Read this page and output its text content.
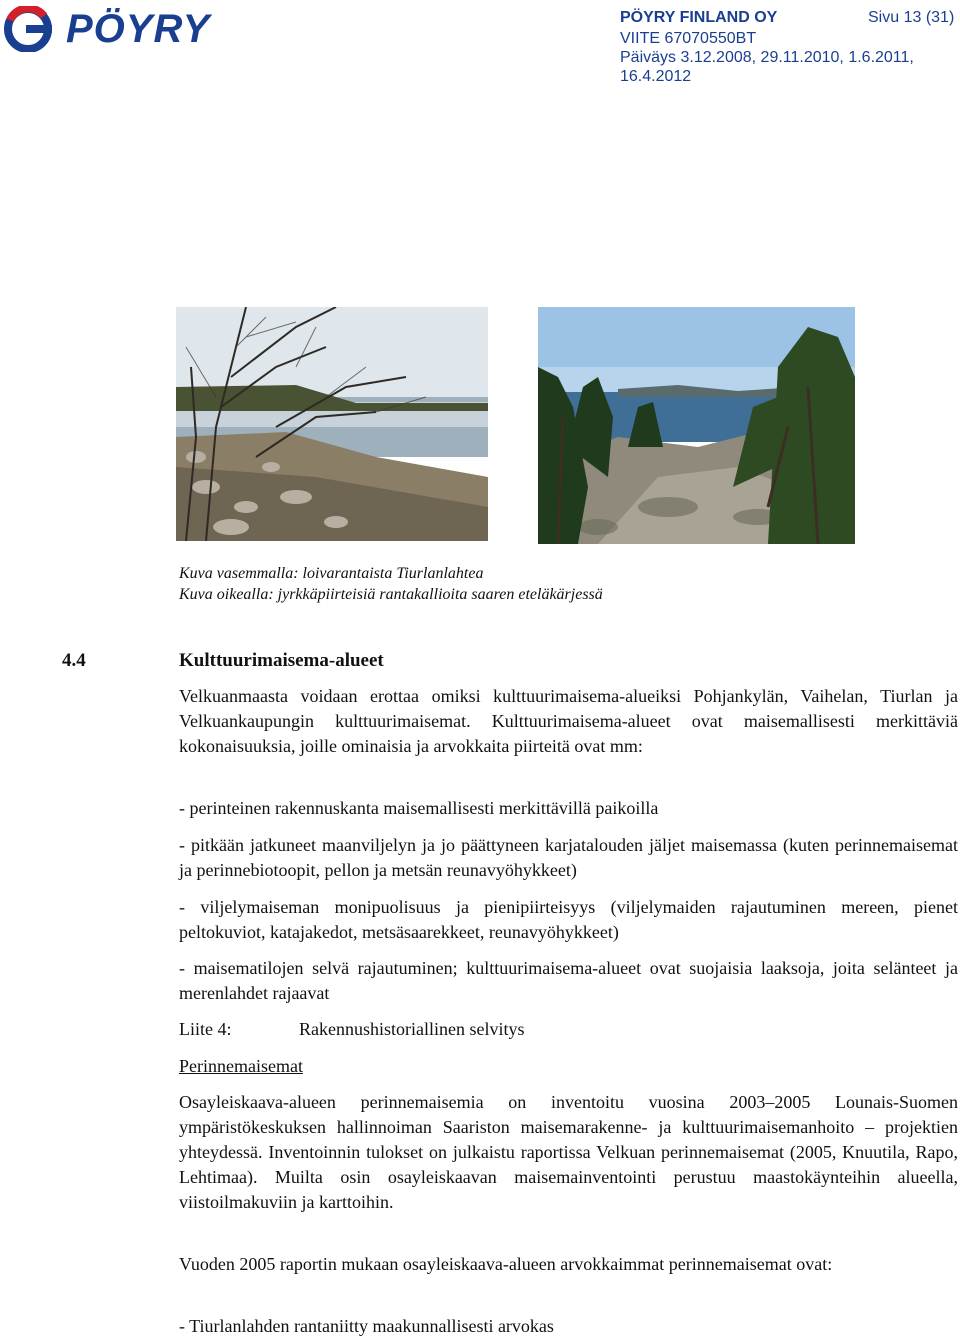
PÖYRY	PÖYRY FINLAND OY	Sivu 13 (31)
VIITE 67070550BT
Päiväys 3.12.2008, 29.11.2010, 1.6.2011,
16.4.2012
Kuva vasemmalla: loivarantaista Tiurlanlahtea
Kuva oikealla: jyrkkäpiirteisiä rantakallioita saaren eteläkärjessä
4.4	Kulttuurimaisema-alueet
Velkuanmaasta voidaan erottaa omiksi kulttuurimaisema-alueiksi Pohjankylän, Vaihelan, Tiurlan ja Velkuankaupungin kulttuurimaisemat. Kulttuurimaisema-alueet ovat maisemallisesti merkittäviä kokonaisuuksia, joille ominaisia ja arvokkaita piirteitä ovat mm:
- perinteinen rakennuskanta maisemallisesti merkittävillä paikoilla
- pitkään jatkuneet maanviljelyn ja jo päättyneen karjatalouden jäljet maisemassa (kuten perinnemaisemat ja perinnebiotoopit, pellon ja metsän reunavyöhykkeet)
- viljelymaiseman monipuolisuus ja pienipiirteisyys (viljelymaiden rajautuminen mereen, pienet peltokuviot, katajakedot, metsäsaarekkeet, reunavyöhykkeet)
- maisematilojen selvä rajautuminen; kulttuurimaisema-alueet ovat suojaisia laaksoja, joita selänteet ja merenlahdet rajaavat
Liite 4:	Rakennushistoriallinen selvitys
Perinnemaisemat
Osayleiskaava-alueen perinnemaisemia on inventoitu vuosina 2003–2005 Lounais-Suomen ympäristökeskuksen hallinnoiman Saariston maisemarakenne- ja kulttuurimaisemanhoito – projektien yhteydessä. Inventoinnin tulokset on julkaistu raportissa Velkuan perinnemaisemat (2005, Knuutila, Rapo, Lehtimaa). Muilta osin osayleiskaavan maisemainventointi perustuu maastokäynteihin alueella, viistoilmakuviin ja karttoihin.
Vuoden 2005 raportin mukaan osayleiskaava-alueen arvokkaimmat perinnemaisemat ovat:
- Tiurlanlahden rantaniitty maakunnallisesti arvokas
